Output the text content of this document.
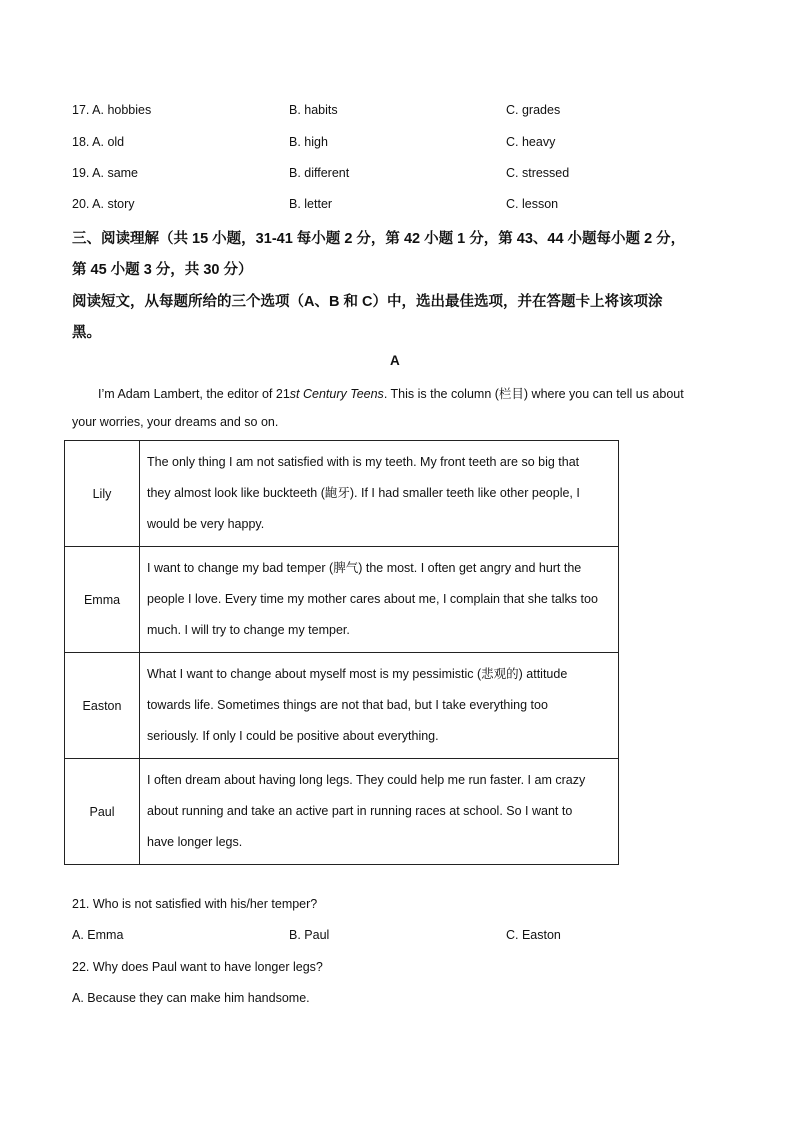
17. A. hobbies	B. habits	C. grades
18. A. old	B. high	C. heavy
19. A. same	B. different	C. stressed
20. A. story	B. letter	C. lesson
三、阅读理解（共 15 小题，31-41 每小题 2 分，第 42 小题 1 分，第 43、44 小题每小题 2 分，
第 45 小题 3 分，共 30 分）
阅读短文，从每题所给的三个选项（A、B 和 C）中，选出最佳选项，并在答题卡上将该项涂
黑。
A
I’m Adam Lambert, the editor of 21st Century Teens. This is the column (栏目) where you can tell us about
your worries, your dreams and so on.
Lily	The only thing I am not satisfied with is my teeth. My front teeth are so big that
they almost look like buckteeth (龅牙). If I had smaller teeth like other people, I
would be very happy.

Emma	I want to change my bad temper (脾气) the most. I often get angry and hurt the
people I love. Every time my mother cares about me, I complain that she talks too
much. I will try to change my temper.

Easton	What I want to change about myself most is my pessimistic (悲观的) attitude
towards life. Sometimes things are not that bad, but I take everything too
seriously. If only I could be positive about everything.

Paul	I often dream about having long legs. They could help me run faster. I am crazy
about running and take an active part in running races at school. So I want to
have longer legs.
21. Who is not satisfied with his/her temper?
A. Emma	B. Paul	C. Easton
22. Why does Paul want to have longer legs?
A. Because they can make him handsome.
